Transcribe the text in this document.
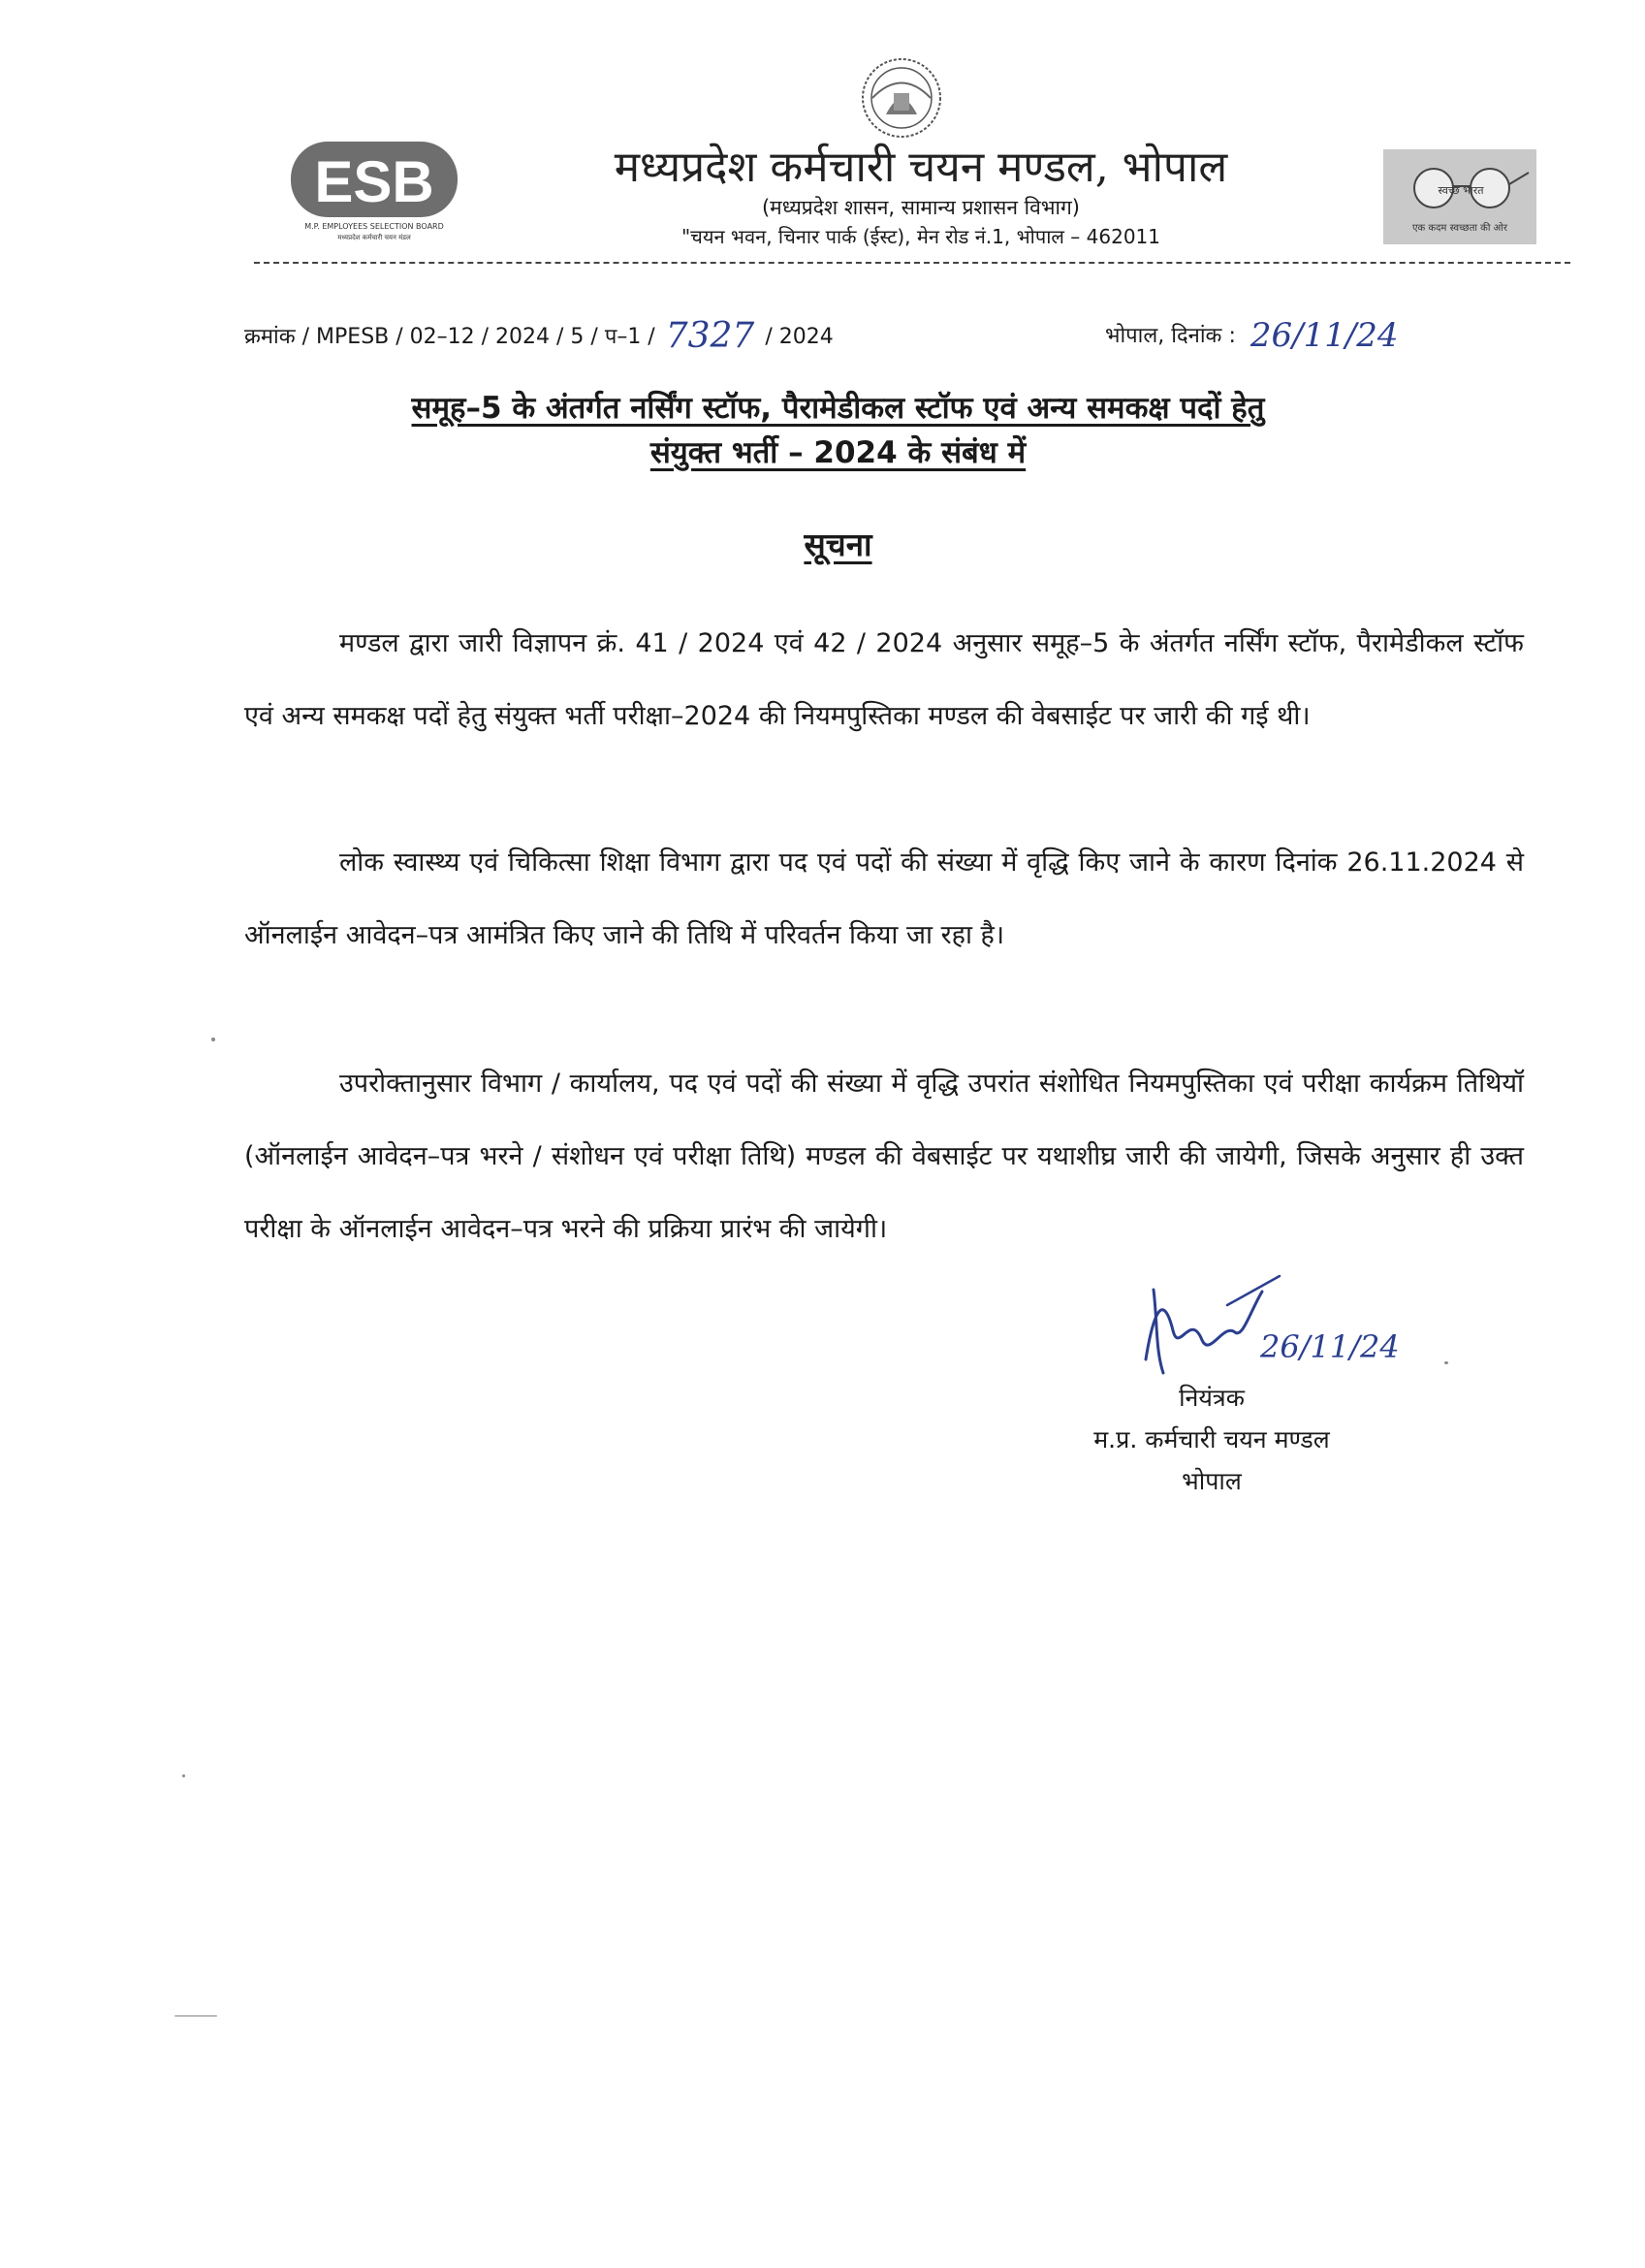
ESB
M.P. EMPLOYEES SELECTION BOARD
मध्यप्रदेश कर्मचारी चयन मंडल
मध्यप्रदेश कर्मचारी चयन मण्डल, भोपाल
(मध्यप्रदेश शासन, सामान्य प्रशासन विभाग)
"चयन भवन, चिनार पार्क (ईस्ट), मेन रोड नं.1, भोपाल – 462011
स्वच्छ भारत
एक कदम स्वच्छता की ओर
क्रमांक / MPESB / 02–12 / 2024 / 5 / प–1 / 7327 / 2024	भोपाल, दिनांक : 26/11/24
समूह–5 के अंतर्गत नर्सिंग स्टॉफ, पैरामेडीकल स्टॉफ एवं अन्य समकक्ष पदों हेतु
संयुक्त भर्ती – 2024 के संबंध में
सूचना

मण्डल द्वारा जारी विज्ञापन क्रं. 41 / 2024 एवं 42 / 2024 अनुसार समूह–5 के अंतर्गत नर्सिंग स्टॉफ, पैरामेडीकल स्टॉफ एवं अन्य समकक्ष पदों हेतु संयुक्त भर्ती परीक्षा–2024 की नियमपुस्तिका मण्डल की वेबसाईट पर जारी की गई थी।

लोक स्वास्थ्य एवं चिकित्सा शिक्षा विभाग द्वारा पद एवं पदों की संख्या में वृद्धि किए जाने के कारण दिनांक 26.11.2024 से ऑनलाईन आवेदन–पत्र आमंत्रित किए जाने की तिथि में परिवर्तन किया जा रहा है।

उपरोक्तानुसार विभाग / कार्यालय, पद एवं पदों की संख्या में वृद्धि उपरांत संशोधित नियमपुस्तिका एवं परीक्षा कार्यक्रम तिथियॉ (ऑनलाईन आवेदन–पत्र भरने / संशोधन एवं परीक्षा तिथि) मण्डल की वेबसाईट पर यथाशीघ्र जारी की जायेगी, जिसके अनुसार ही उक्त परीक्षा के ऑनलाईन आवेदन–पत्र भरने की प्रक्रिया प्रारंभ की जायेगी।

26/11/24
नियंत्रक
म.प्र. कर्मचारी चयन मण्डल
भोपाल
